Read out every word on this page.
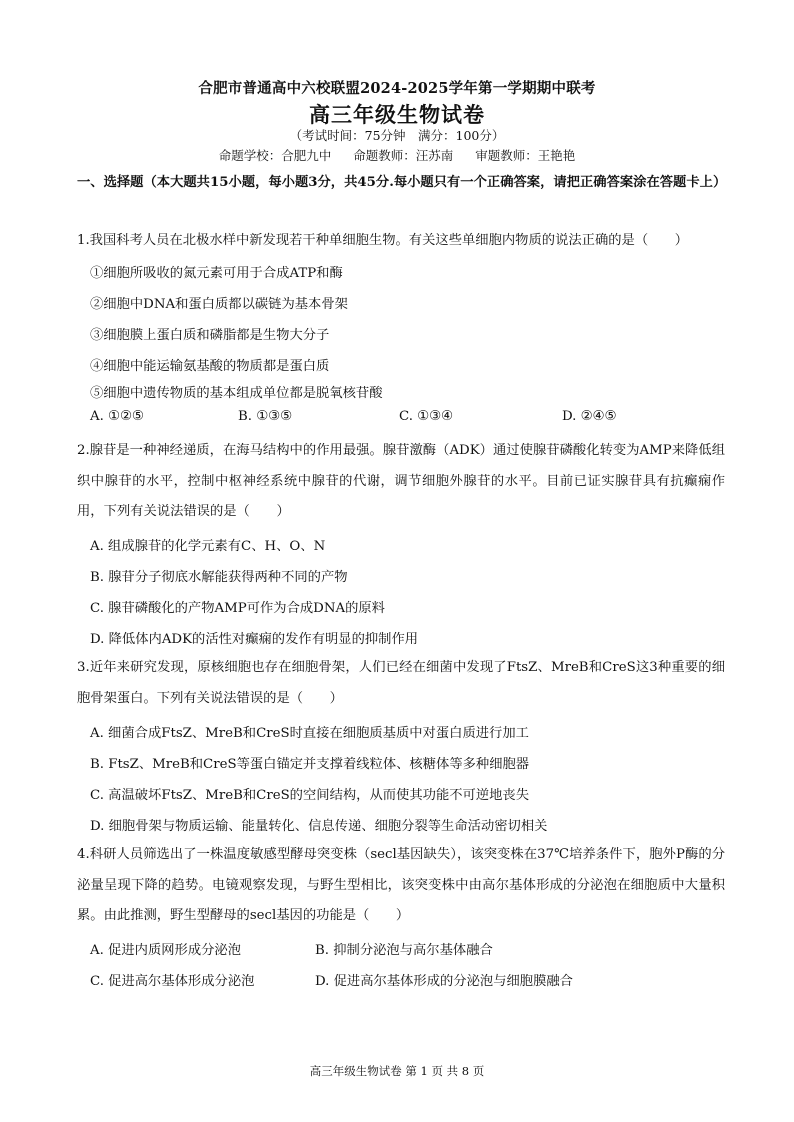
合肥市普通高中六校联盟2024-2025学年第一学期期中联考
高三年级生物试卷
（考试时间：75分钟　满分：100分）
命题学校：合肥九中 命题教师：汪苏南 审题教师：王艳艳
一、选择题（本大题共15小题，每小题3分，共45分.每小题只有一个正确答案，请把正确答案涂在答题卡上）
1.我国科考人员在北极水样中新发现若干种单细胞生物。有关这些单细胞内物质的说法正确的是（　　）
①细胞所吸收的氮元素可用于合成ATP和酶
②细胞中DNA和蛋白质都以碳链为基本骨架
③细胞膜上蛋白质和磷脂都是生物大分子
④细胞中能运输氨基酸的物质都是蛋白质
⑤细胞中遗传物质的基本组成单位都是脱氧核苷酸
A. ①②⑤	B. ①③⑤	C. ①③④	D. ②④⑤
2.腺苷是一种神经递质，在海马结构中的作用最强。腺苷激酶（ADK）通过使腺苷磷酸化转变为AMP来降低组织中腺苷的水平，控制中枢神经系统中腺苷的代谢，调节细胞外腺苷的水平。目前已证实腺苷具有抗癫痫作用，下列有关说法错误的是（　　）
A. 组成腺苷的化学元素有C、H、O、N
B. 腺苷分子彻底水解能获得两种不同的产物
C. 腺苷磷酸化的产物AMP可作为合成DNA的原料
D. 降低体内ADK的活性对癫痫的发作有明显的抑制作用
3.近年来研究发现，原核细胞也存在细胞骨架，人们已经在细菌中发现了FtsZ、MreB和CreS这3种重要的细胞骨架蛋白。下列有关说法错误的是（　　）
A. 细菌合成FtsZ、MreB和CreS时直接在细胞质基质中对蛋白质进行加工
B. FtsZ、MreB和CreS等蛋白锚定并支撑着线粒体、核糖体等多种细胞器
C. 高温破坏FtsZ、MreB和CreS的空间结构，从而使其功能不可逆地丧失
D. 细胞骨架与物质运输、能量转化、信息传递、细胞分裂等生命活动密切相关
4.科研人员筛选出了一株温度敏感型酵母突变株（secl基因缺失），该突变株在37℃培养条件下，胞外P酶的分泌量呈现下降的趋势。电镜观察发现，与野生型相比，该突变株中由高尔基体形成的分泌泡在细胞质中大量积累。由此推测，野生型酵母的secl基因的功能是（　　）
A. 促进内质网形成分泌泡	B. 抑制分泌泡与高尔基体融合
C. 促进高尔基体形成分泌泡	D. 促进高尔基体形成的分泌泡与细胞膜融合
高三年级生物试卷 第 1 页 共 8 页
